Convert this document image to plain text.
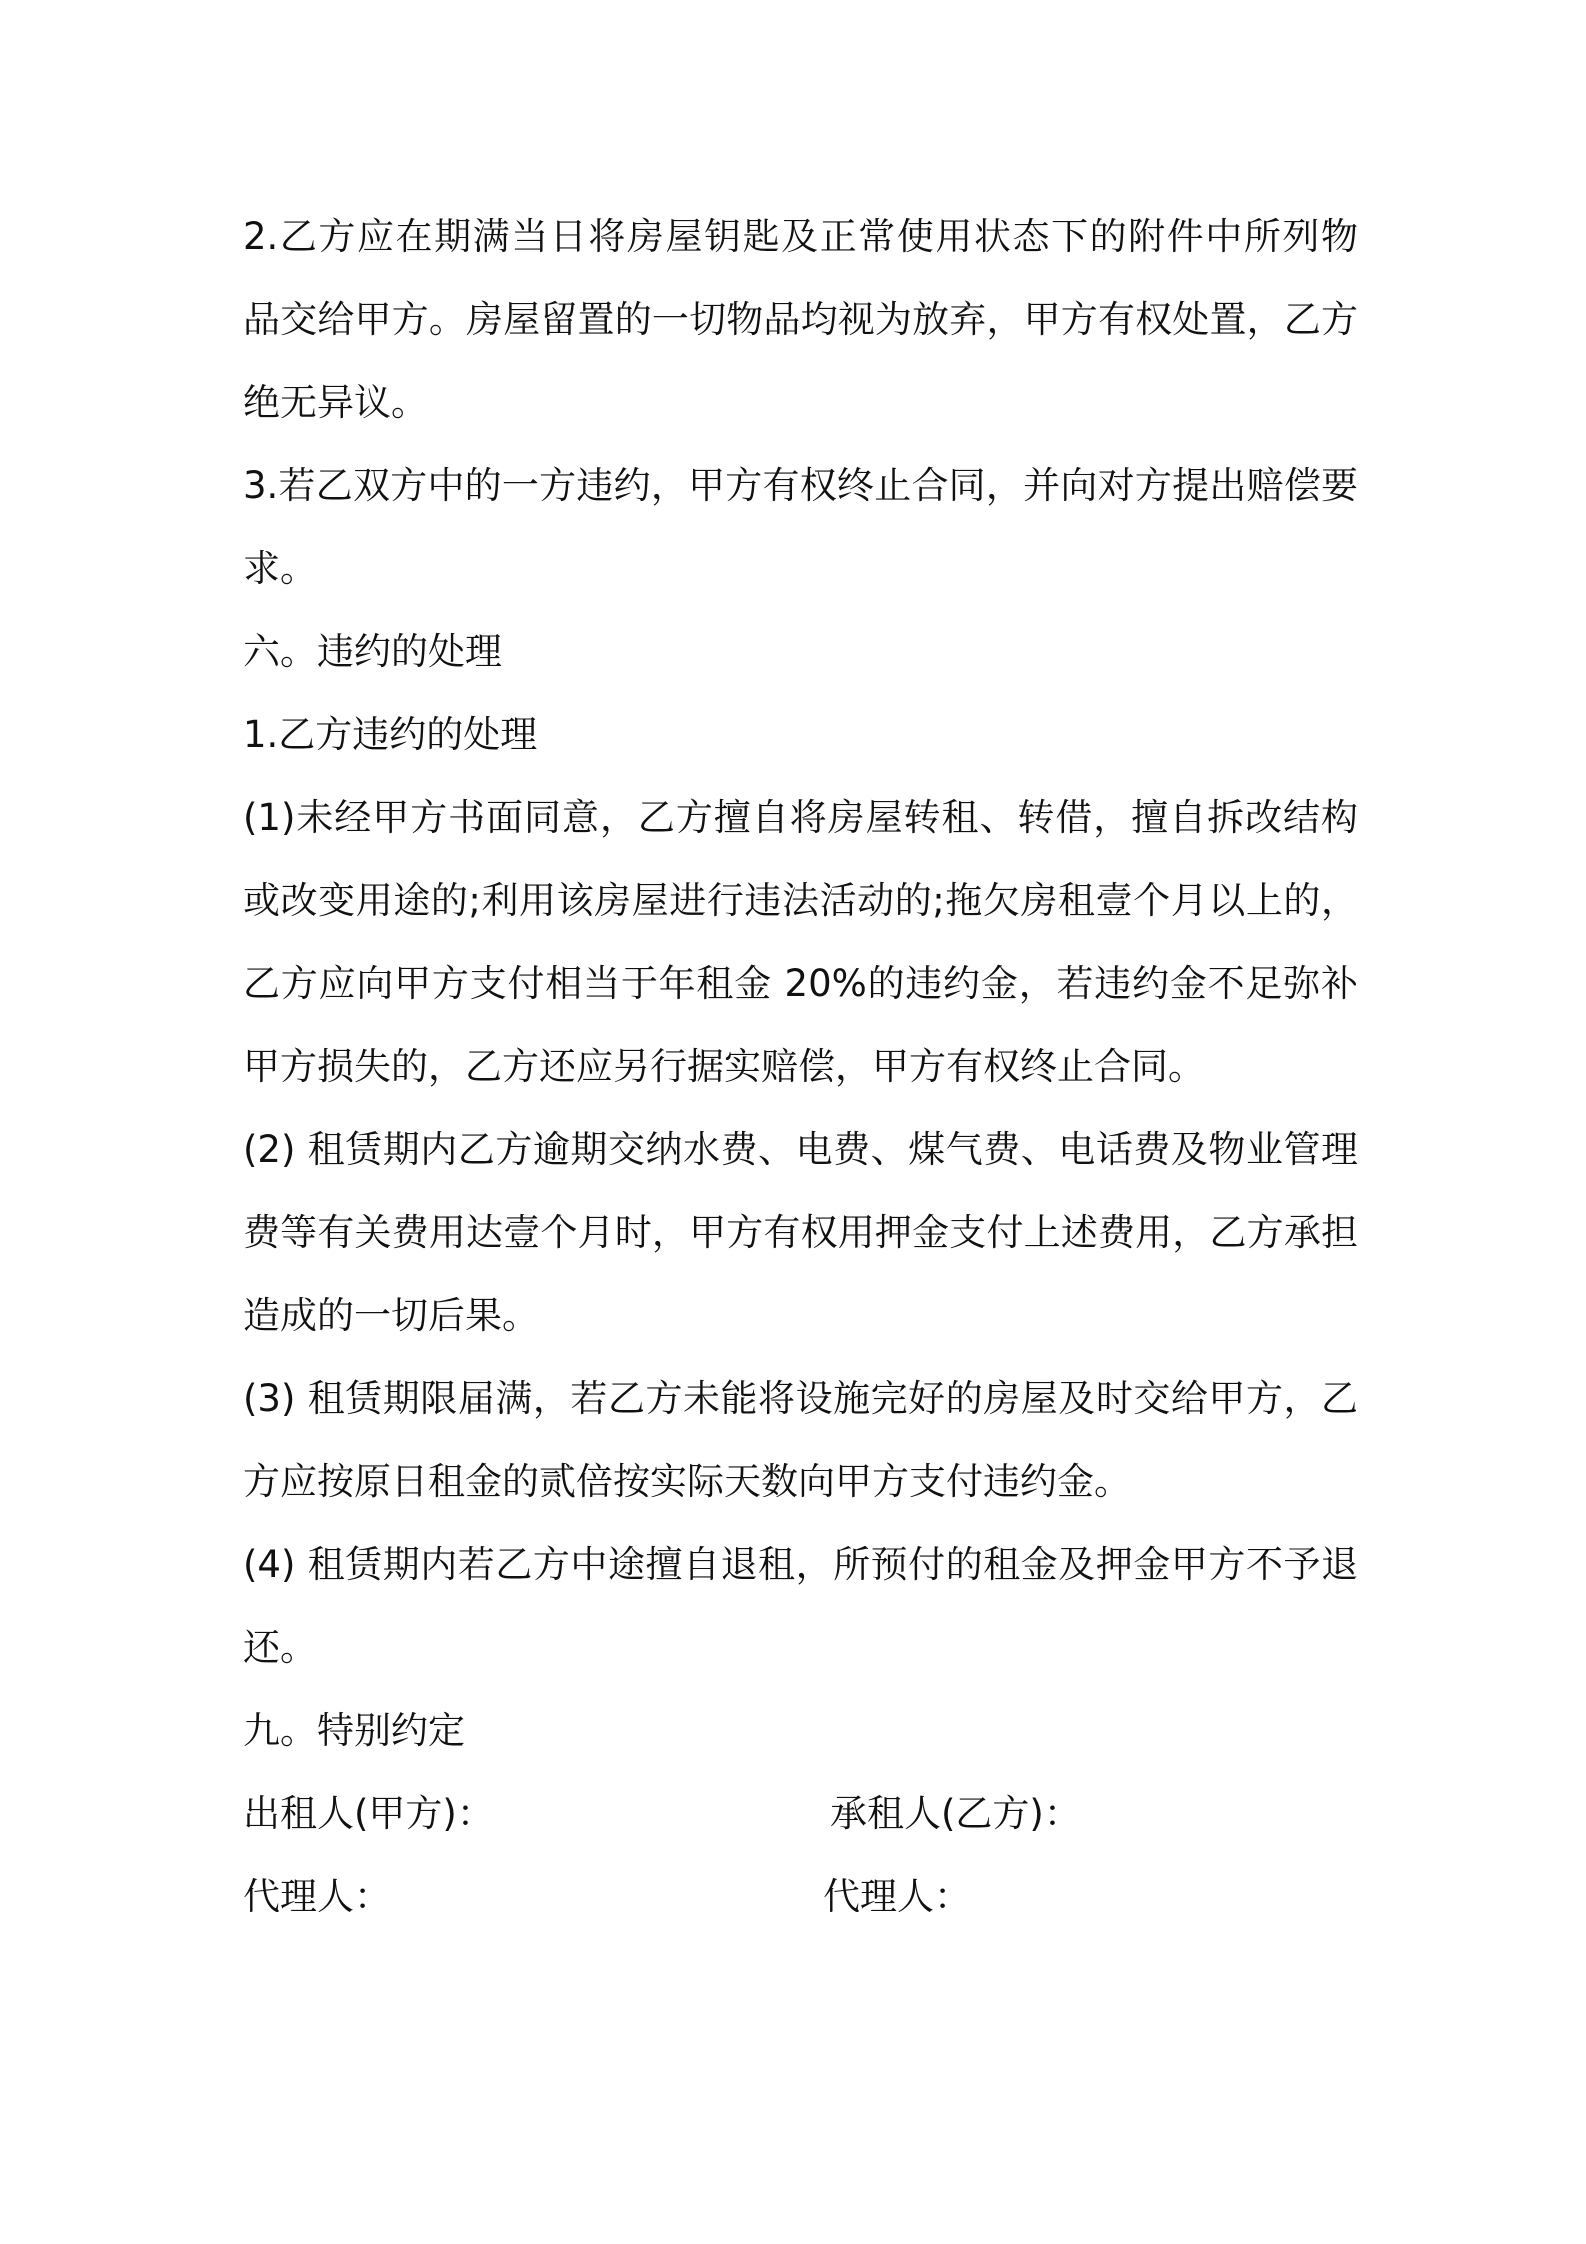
2.乙方应在期满当日将房屋钥匙及正常使用状态下的附件中所列物
品交给甲方。房屋留置的一切物品均视为放弃，甲方有权处置，乙方
绝无异议。
3.若乙双方中的一方违约，甲方有权终止合同，并向对方提出赔偿要
求。
六。违约的处理
1.乙方违约的处理
(1)未经甲方书面同意，乙方擅自将房屋转租、转借，擅自拆改结构
或改变用途的;利用该房屋进行违法活动的;拖欠房租壹个月以上的，
乙方应向甲方支付相当于年租金 20%的违约金，若违约金不足弥补
甲方损失的，乙方还应另行据实赔偿，甲方有权终止合同。
(2) 租赁期内乙方逾期交纳水费、电费、煤气费、电话费及物业管理
费等有关费用达壹个月时，甲方有权用押金支付上述费用，乙方承担
造成的一切后果。
(3) 租赁期限届满，若乙方未能将设施完好的房屋及时交给甲方，乙
方应按原日租金的贰倍按实际天数向甲方支付违约金。
(4) 租赁期内若乙方中途擅自退租，所预付的租金及押金甲方不予退
还。
九。特别约定
出租人(甲方)：	承租人(乙方)：
代理人：	代理人：
